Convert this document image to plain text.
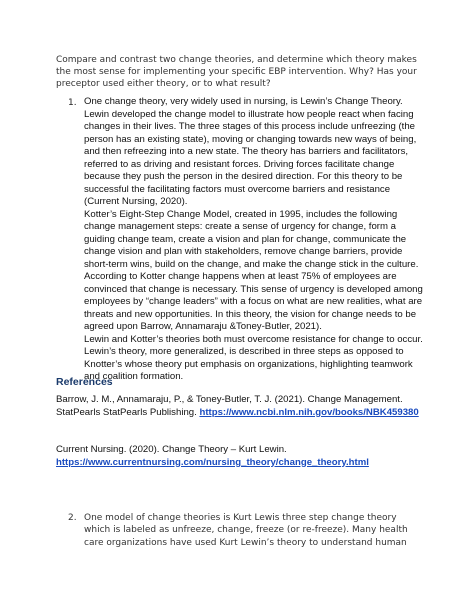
Compare and contrast two change theories, and determine which theory makes the most sense for implementing your specific EBP intervention. Why? Has your preceptor used either theory, or to what result?
1. One change theory, very widely used in nursing, is Lewin’s Change Theory. Lewin developed the change model to illustrate how people react when facing changes in their lives. The three stages of this process include unfreezing (the person has an existing state), moving or changing towards new ways of being, and then refreezing into a new state. The theory has barriers and facilitators, referred to as driving and resistant forces. Driving forces facilitate change because they push the person in the desired direction. For this theory to be successful the facilitating factors must overcome barriers and resistance (Current Nursing, 2020).

Kotter’s Eight-Step Change Model, created in 1995, includes the following change management steps: create a sense of urgency for change, form a guiding change team, create a vision and plan for change, communicate the change vision and plan with stakeholders, remove change barriers, provide short-term wins, build on the change, and make the change stick in the culture. According to Kotter change happens when at least 75% of employees are convinced that change is necessary. This sense of urgency is developed among employees by “change leaders” with a focus on what are new realities, what are threats and new opportunities. In this theory, the vision for change needs to be agreed upon Barrow, Annamaraju &Toney-Butler, 2021).

Lewin and Kotter’s theories both must overcome resistance for change to occur. Lewin’s theory, more generalized, is described in three steps as opposed to Knotter’s whose theory put emphasis on organizations, highlighting teamwork and coalition formation.

References
Barrow, J. M., Annamaraju, P., & Toney-Butler, T. J. (2021). Change Management. StatPearls StatPearls Publishing. https://www.ncbi.nlm.nih.gov/books/NBK459380
Current Nursing. (2020). Change Theory – Kurt Lewin. https://www.currentnursing.com/nursing_theory/change_theory.html
2. One model of change theories is Kurt Lewis three step change theory which is labeled as unfreeze, change, freeze (or re-freeze). Many health care organizations have used Kurt Lewin’s theory to understand human
